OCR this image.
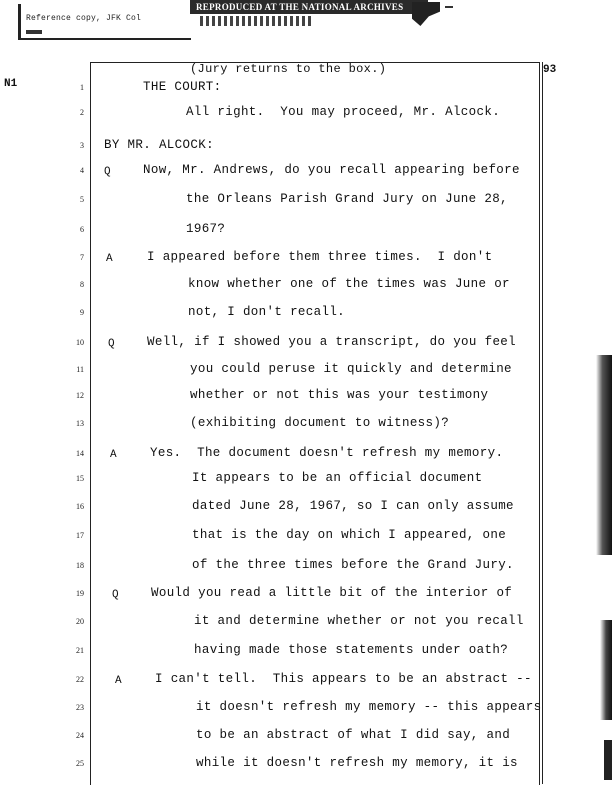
Reference copy, JFK Col
REPRODUCED AT THE NATIONAL ARCHIVES
N1
93
(Jury returns to the box.)
1	THE COURT:
2	All right.  You may proceed, Mr. Alcock.
3 BY MR. ALCOCK:
4 Q	Now, Mr. Andrews, do you recall appearing before
5	the Orleans Parish Grand Jury on June 28,
6	1967?
7 A	I appeared before them three times.  I don't
8	know whether one of the times was June or
9	not, I don't recall.
10 Q	Well, if I showed you a transcript, do you feel
11	you could peruse it quickly and determine
12	whether or not this was your testimony
13	(exhibiting document to witness)?
14 A	Yes.  The document doesn't refresh my memory.
15	It appears to be an official document
16	dated June 28, 1967, so I can only assume
17	that is the day on which I appeared, one
18	of the three times before the Grand Jury.
19	Q	Would you read a little bit of the interior of
20	it and determine whether or not you recall
21	having made those statements under oath?
22	A	I can't tell.  This appears to be an abstract --
23	it doesn't refresh my memory -- this appears
24	to be an abstract of what I did say, and
25	while it doesn't refresh my memory, it is
